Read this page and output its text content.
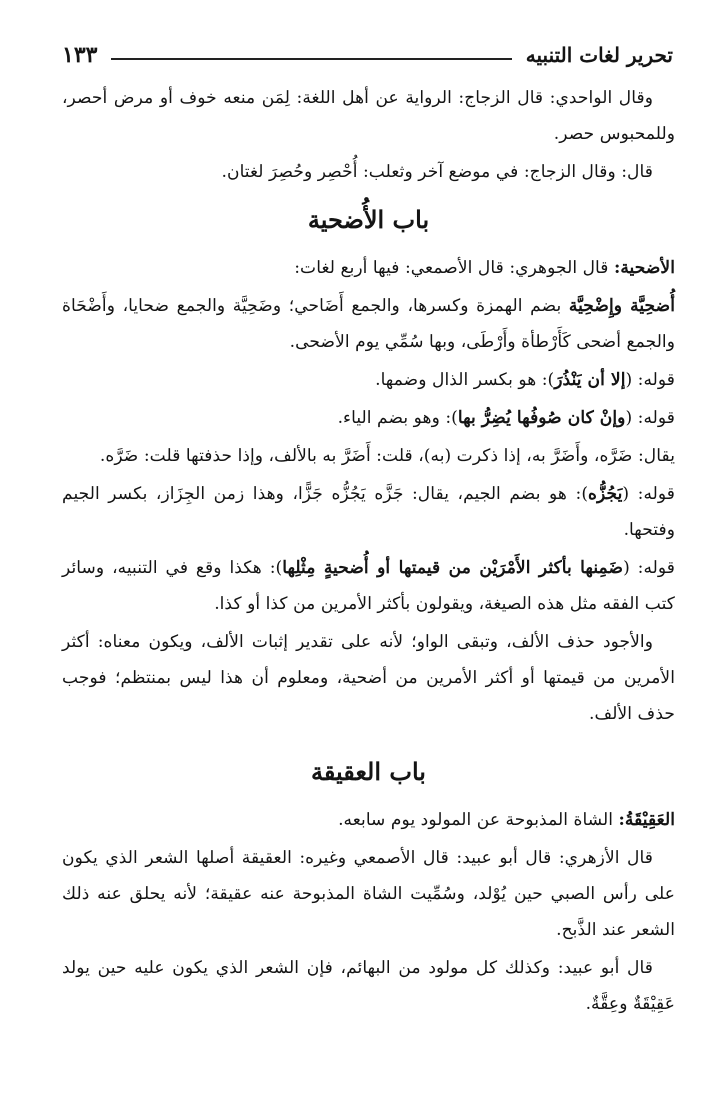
تحرير لغات التنبيه
١٣٣

وقال الواحدي: قال الزجاج: الرواية عن أهل اللغة: لِمَن منعه خوف أو مرض أحصر، وللمحبوس حصر.

قال: وقال الزجاج: في موضع آخر وثعلب: أُحْصِر وحُصِرَ لغتان.

باب الأُضحية

الأضحية: قال الجوهري: قال الأصمعي: فيها أربع لغات:

أُضحِيَّة وإِضْحِيَّة بضم الهمزة وكسرها، والجمع أَضَاحي؛ وضَحِيَّة والجمع ضحايا، وأَضْحَاة والجمع أضحى كَأَرْطأة وأَرْطَى، وبها سُمِّي يوم الأضحى.

قوله: (إلا أن يَنْذُرَ): هو بكسر الذال وضمها.

قوله: (وإنْ كان صُوفُها يُضِرُّ بها): وهو بضم الياء.

يقال: ضَرَّه، وأَضَرَّ به، إذا ذكرت (به)، قلت: أَضَرَّ به بالألف، وإذا حذفتها قلت: ضَرَّه.

قوله: (يَجُزُّه): هو بضم الجيم، يقال: جَزَّه يَجُزُّه جَزًّا، وهذا زمن الجِزَاز، بكسر الجيم وفتحها.

قوله: (ضَمِنها بأكثر الأَمْرَيْن من قيمتها أو أُضحيةٍ مِثْلِها): هكذا وقع في التنبيه، وسائر كتب الفقه مثل هذه الصيغة، ويقولون بأكثر الأمرين من كذا أو كذا.

والأجود حذف الألف، وتبقى الواو؛ لأنه على تقدير إثبات الألف، ويكون معناه: أكثر الأمرين من قيمتها أو أكثر الأمرين من أضحية، ومعلوم أن هذا ليس بمنتظم؛ فوجب حذف الألف.

باب العقيقة

العَقِيْقَةُ: الشاة المذبوحة عن المولود يوم سابعه.

قال الأزهري: قال أبو عبيد: قال الأصمعي وغيره: العقيقة أصلها الشعر الذي يكون على رأس الصبي حين يُوْلد، وسُمِّيت الشاة المذبوحة عنه عقيقة؛ لأنه يحلق عنه ذلك الشعر عند الذَّبح.

قال أبو عبيد: وكذلك كل مولود من البهائم، فإن الشعر الذي يكون عليه حين يولد عَقِيْقَةٌ وعِقَّةٌ.
